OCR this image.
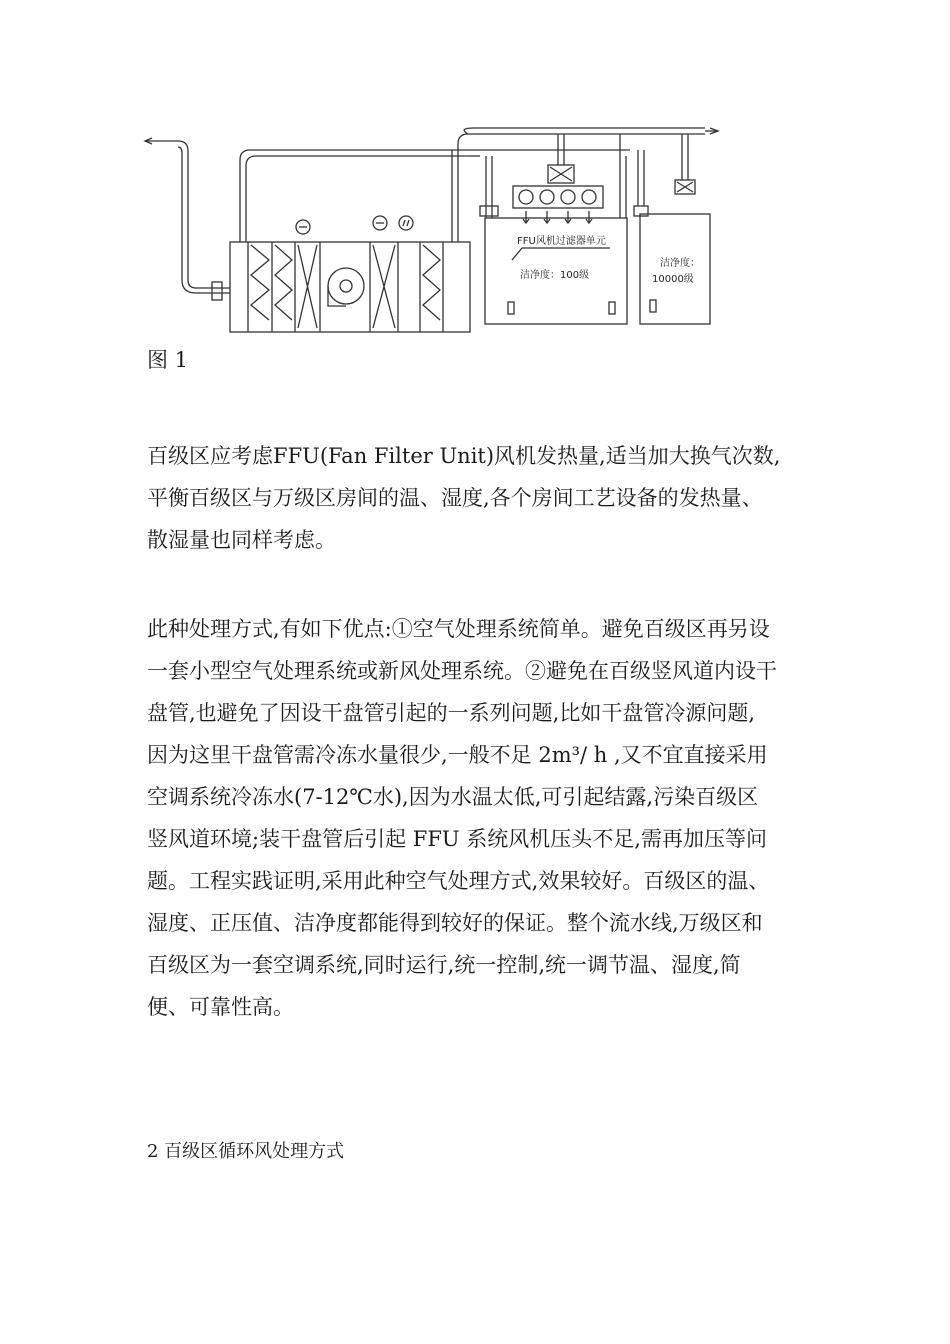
FFU风机过滤器单元
洁净度：100级
洁净度：
10000级
图 1
百级区应考虑FFU(Fan Filter Unit)风机发热量,适当加大换气次数,
平衡百级区与万级区房间的温、湿度,各个房间工艺设备的发热量、
散湿量也同样考虑。
此种处理方式,有如下优点:①空气处理系统简单。避免百级区再另设
一套小型空气处理系统或新风处理系统。②避免在百级竖风道内设干
盘管,也避免了因设干盘管引起的一系列问题,比如干盘管冷源问题,
因为这里干盘管需冷冻水量很少,一般不足 2m³/ h ,又不宜直接采用
空调系统冷冻水(7-12℃水),因为水温太低,可引起结露,污染百级区
竖风道环境;装干盘管后引起 FFU 系统风机压头不足,需再加压等问
题。工程实践证明,采用此种空气处理方式,效果较好。百级区的温、
湿度、正压值、洁净度都能得到较好的保证。整个流水线,万级区和
百级区为一套空调系统,同时运行,统一控制,统一调节温、湿度,简
便、可靠性高。
2 百级区循环风处理方式
